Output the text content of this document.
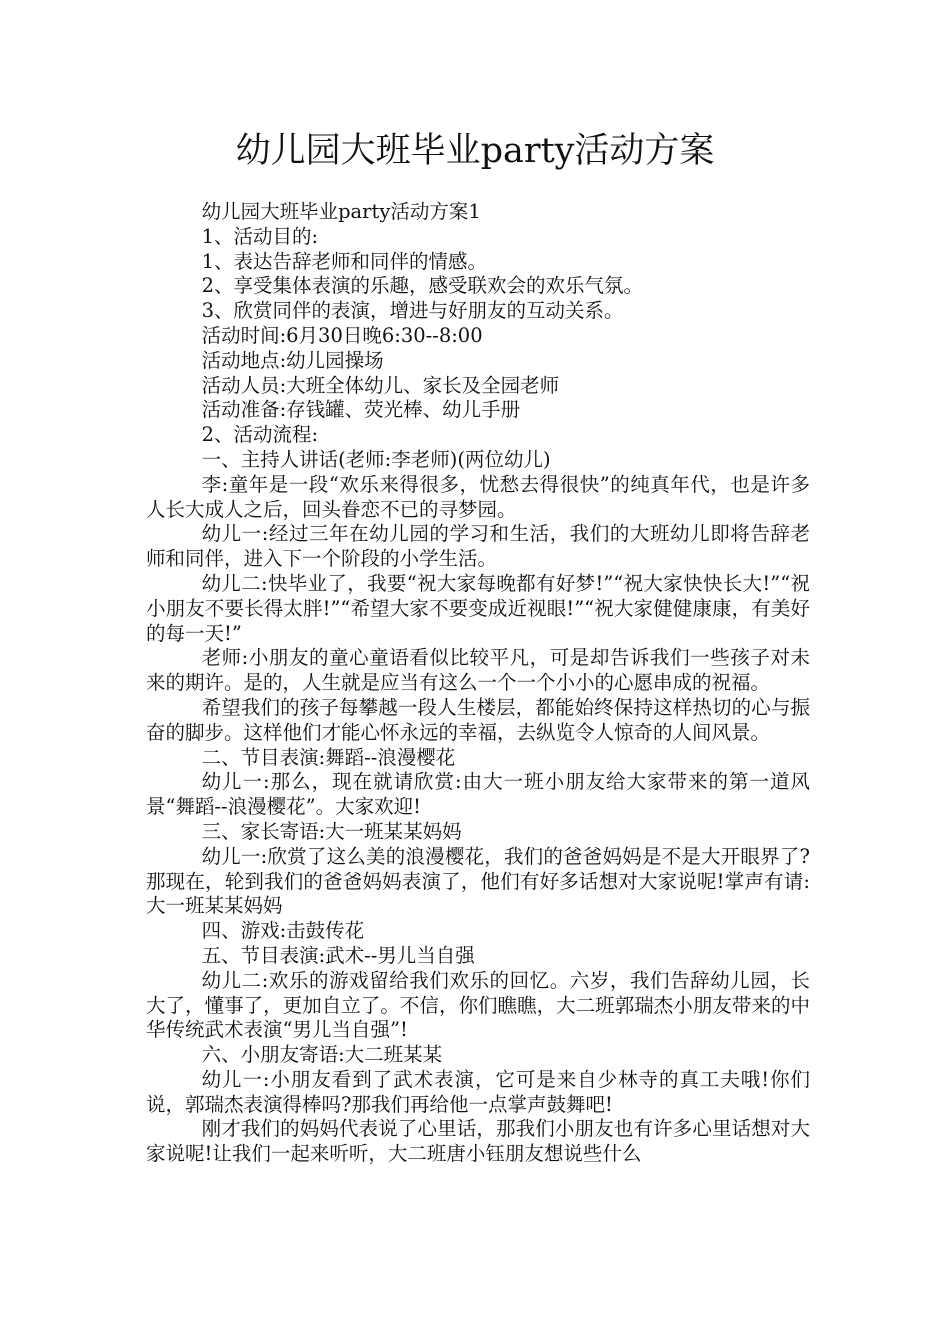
幼儿园大班毕业party活动方案

幼儿园大班毕业party活动方案1

1、活动目的:

1、表达告辞老师和同伴的情感。

2、享受集体表演的乐趣，感受联欢会的欢乐气氛。

3、欣赏同伴的表演，增进与好朋友的互动关系。

活动时间:6月30日晚6:30--8:00

活动地点:幼儿园操场

活动人员:大班全体幼儿、家长及全园老师

活动准备:存钱罐、荧光棒、幼儿手册

2、活动流程:

一、主持人讲话(老师:李老师)(两位幼儿)

李:童年是一段“欢乐来得很多，忧愁去得很快”的纯真年代，也是许多人长大成人之后，回头眷恋不已的寻梦园。

幼儿一:经过三年在幼儿园的学习和生活，我们的大班幼儿即将告辞老师和同伴，进入下一个阶段的小学生活。

幼儿二:快毕业了，我要“祝大家每晚都有好梦!”“祝大家快快长大!”“祝小朋友不要长得太胖!”“希望大家不要变成近视眼!”“祝大家健健康康，有美好的每一天!”

老师:小朋友的童心童语看似比较平凡，可是却告诉我们一些孩子对未来的期许。是的，人生就是应当有这么一个一个小小的心愿串成的祝福。

希望我们的孩子每攀越一段人生楼层，都能始终保持这样热切的心与振奋的脚步。这样他们才能心怀永远的幸福，去纵览令人惊奇的人间风景。

二、节目表演:舞蹈--浪漫樱花

幼儿一:那么，现在就请欣赏:由大一班小朋友给大家带来的第一道风景“舞蹈--浪漫樱花”。大家欢迎!

三、家长寄语:大一班某某妈妈

幼儿一:欣赏了这么美的浪漫樱花，我们的爸爸妈妈是不是大开眼界了?那现在，轮到我们的爸爸妈妈表演了，他们有好多话想对大家说呢!掌声有请:大一班某某妈妈

四、游戏:击鼓传花

五、节目表演:武术--男儿当自强

幼儿二:欢乐的游戏留给我们欢乐的回忆。六岁，我们告辞幼儿园，长大了，懂事了，更加自立了。不信，你们瞧瞧，大二班郭瑞杰小朋友带来的中华传统武术表演“男儿当自强”!

六、小朋友寄语:大二班某某

幼儿一:小朋友看到了武术表演，它可是来自少林寺的真工夫哦!你们说，郭瑞杰表演得棒吗?那我们再给他一点掌声鼓舞吧!

刚才我们的妈妈代表说了心里话，那我们小朋友也有许多心里话想对大家说呢!让我们一起来听听，大二班唐小钰朋友想说些什么
